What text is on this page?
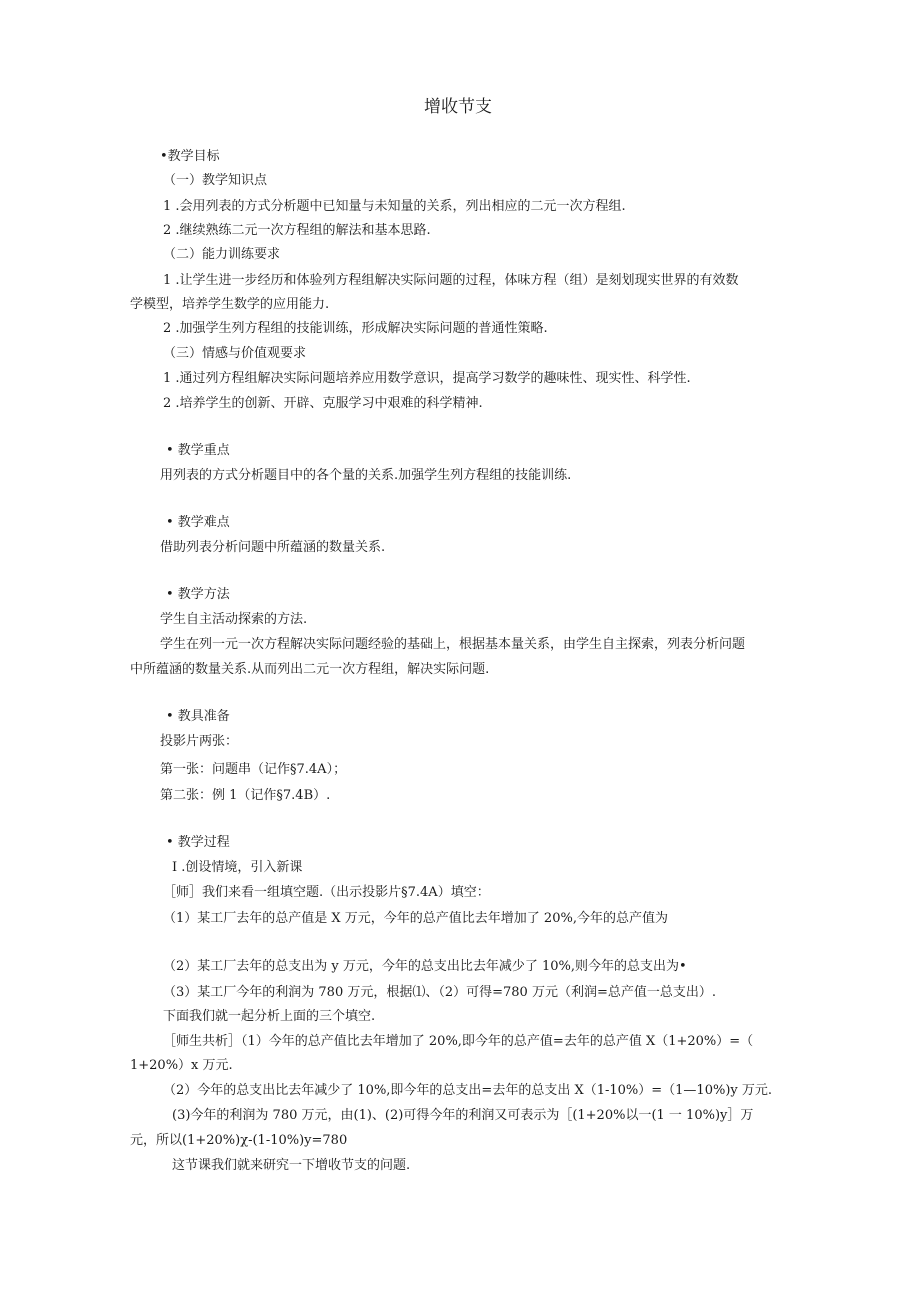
增收节支
•教学目标
（一）教学知识点
1 .会用列表的方式分析题中已知量与未知量的关系，列出相应的二元一次方程组.
2 .继续熟练二元一次方程组的解法和基本思路.
（二）能力训练要求
1 .让学生进一步经历和体验列方程组解决实际问题的过程，体味方程（组）是刻划现实世界的有效数
学模型，培养学生数学的应用能力.
2 .加强学生列方程组的技能训练，形成解决实际问题的普通性策略.
（三）情感与价值观要求
1 .通过列方程组解决实际问题培养应用数学意识，提高学习数学的趣味性、现实性、科学性.
2 .培养学生的创新、开辟、克服学习中艰难的科学精神.
• 教学重点
用列表的方式分析题目中的各个量的关系.加强学生列方程组的技能训练.
• 教学难点
借助列表分析问题中所蕴涵的数量关系.
• 教学方法
学生自主活动探索的方法.
学生在列一元一次方程解决实际问题经验的基础上，根据基本量关系，由学生自主探索，列表分析问题
中所蕴涵的数量关系.从而列出二元一次方程组，解决实际问题.
• 教具准备
投影片两张：
第一张：问题串（记作§7.4A）；
第二张：例 1（记作§7.4B）.
• 教学过程
I .创设情境，引入新课
［师］我们来看一组填空题.（出示投影片§7.4A）填空：
（1）某工厂去年的总产值是 X 万元，今年的总产值比去年增加了 20%,今年的总产值为
（2）某工厂去年的总支出为 y 万元，今年的总支出比去年减少了 10%,则今年的总支出为•
（3）某工厂今年的利润为 780 万元，根据⑴、（2）可得=780 万元（利润=总产值一总支出）.
下面我们就一起分析上面的三个填空.
［师生共析］（1）今年的总产值比去年增加了 20%,即今年的总产值=去年的总产值 X（1+20%）=（
1+20%）x 万元.
（2）今年的总支出比去年减少了 10%,即今年的总支出=去年的总支出 X（1-10%）=（1—10%)y 万元.
(3)今年的利润为 780 万元，由(1)、(2)可得今年的利润又可表示为［(1+20%以一(1 一 10%)y］万
元，所以(1+20%)χ-(1-10%)y=780
这节课我们就来研究一下增收节支的问题.
